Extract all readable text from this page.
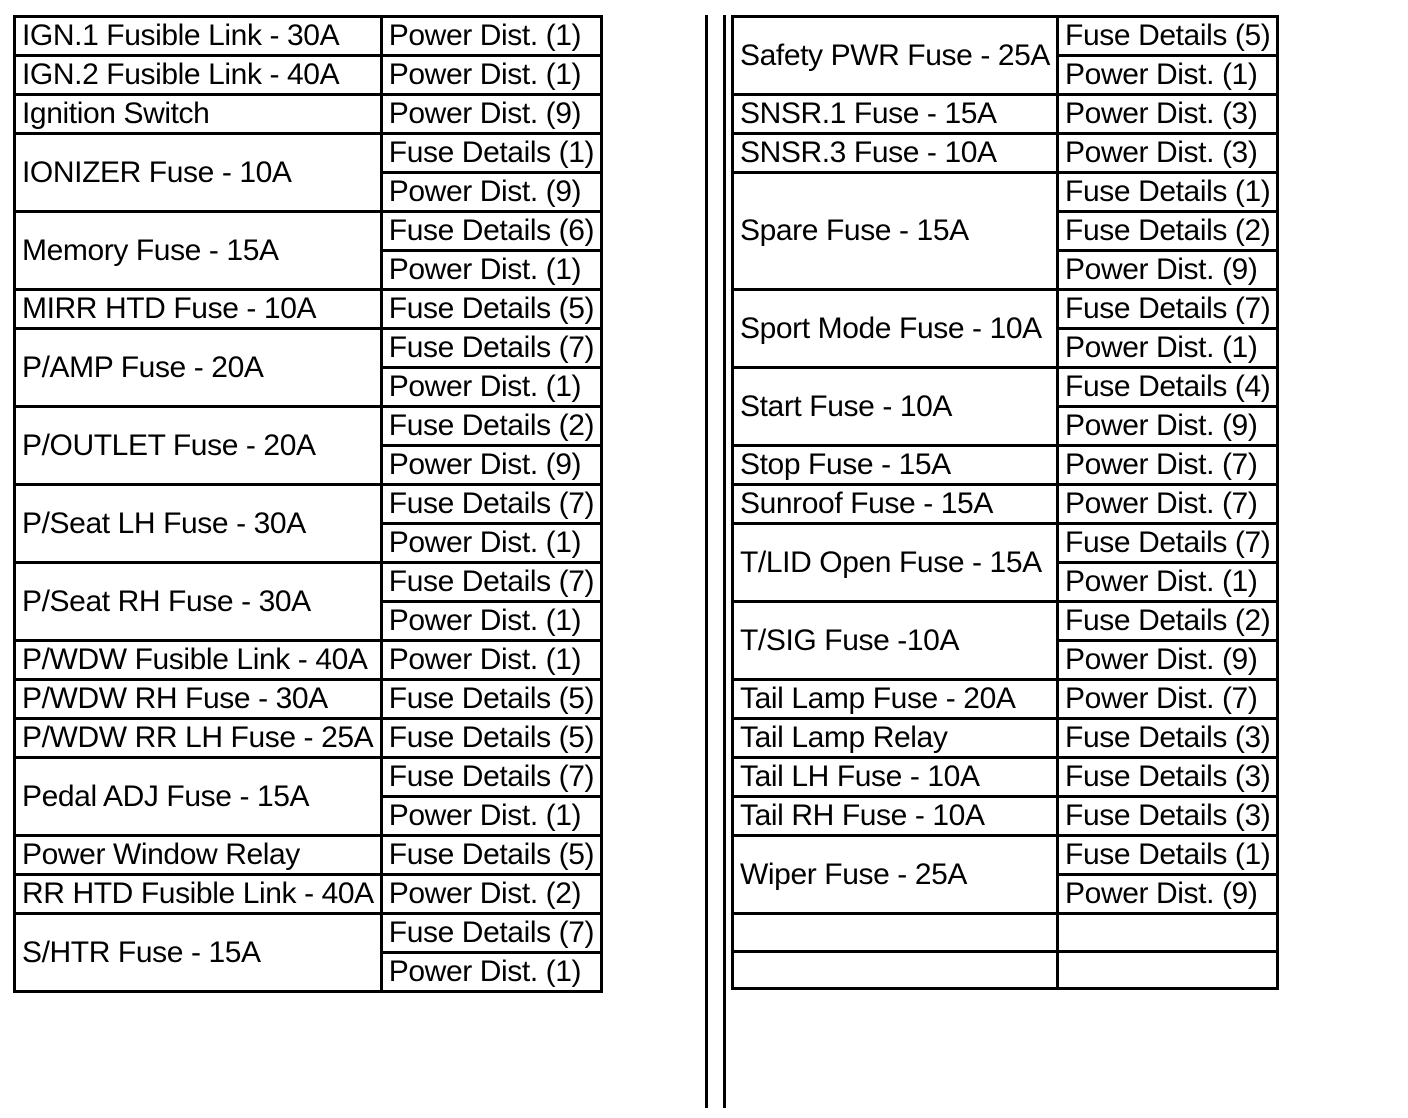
IGN.1 Fusible Link - 30A	Power Dist. (1)
IGN.2 Fusible Link - 40A	Power Dist. (1)
Ignition Switch	Power Dist. (9)
IONIZER Fuse - 10A	Fuse Details (1)
	Power Dist. (9)
Memory Fuse - 15A	Fuse Details (6)
	Power Dist. (1)
MIRR HTD Fuse - 10A	Fuse Details (5)
P/AMP Fuse - 20A	Fuse Details (7)
	Power Dist. (1)
P/OUTLET Fuse - 20A	Fuse Details (2)
	Power Dist. (9)
P/Seat LH Fuse - 30A	Fuse Details (7)
	Power Dist. (1)
P/Seat RH Fuse - 30A	Fuse Details (7)
	Power Dist. (1)
P/WDW Fusible Link - 40A	Power Dist. (1)
P/WDW RH Fuse - 30A	Fuse Details (5)
P/WDW RR LH Fuse - 25A	Fuse Details (5)
Pedal ADJ Fuse - 15A	Fuse Details (7)
	Power Dist. (1)
Power Window Relay	Fuse Details (5)
RR HTD Fusible Link - 40A	Power Dist. (2)
S/HTR Fuse - 15A	Fuse Details (7)
	Power Dist. (1)
Safety PWR Fuse - 25A	Fuse Details (5)
	Power Dist. (1)
SNSR.1 Fuse - 15A	Power Dist. (3)
SNSR.3 Fuse - 10A	Power Dist. (3)
Spare Fuse - 15A	Fuse Details (1)
	Fuse Details (2)
	Power Dist. (9)
Sport Mode Fuse - 10A	Fuse Details (7)
	Power Dist. (1)
Start Fuse - 10A	Fuse Details (4)
	Power Dist. (9)
Stop Fuse - 15A	Power Dist. (7)
Sunroof Fuse - 15A	Power Dist. (7)
T/LID Open Fuse - 15A	Fuse Details (7)
	Power Dist. (1)
T/SIG Fuse -10A	Fuse Details (2)
	Power Dist. (9)
Tail Lamp Fuse - 20A	Power Dist. (7)
Tail Lamp Relay	Fuse Details (3)
Tail LH Fuse - 10A	Fuse Details (3)
Tail RH Fuse - 10A	Fuse Details (3)
Wiper Fuse - 25A	Fuse Details (1)
	Power Dist. (9)
